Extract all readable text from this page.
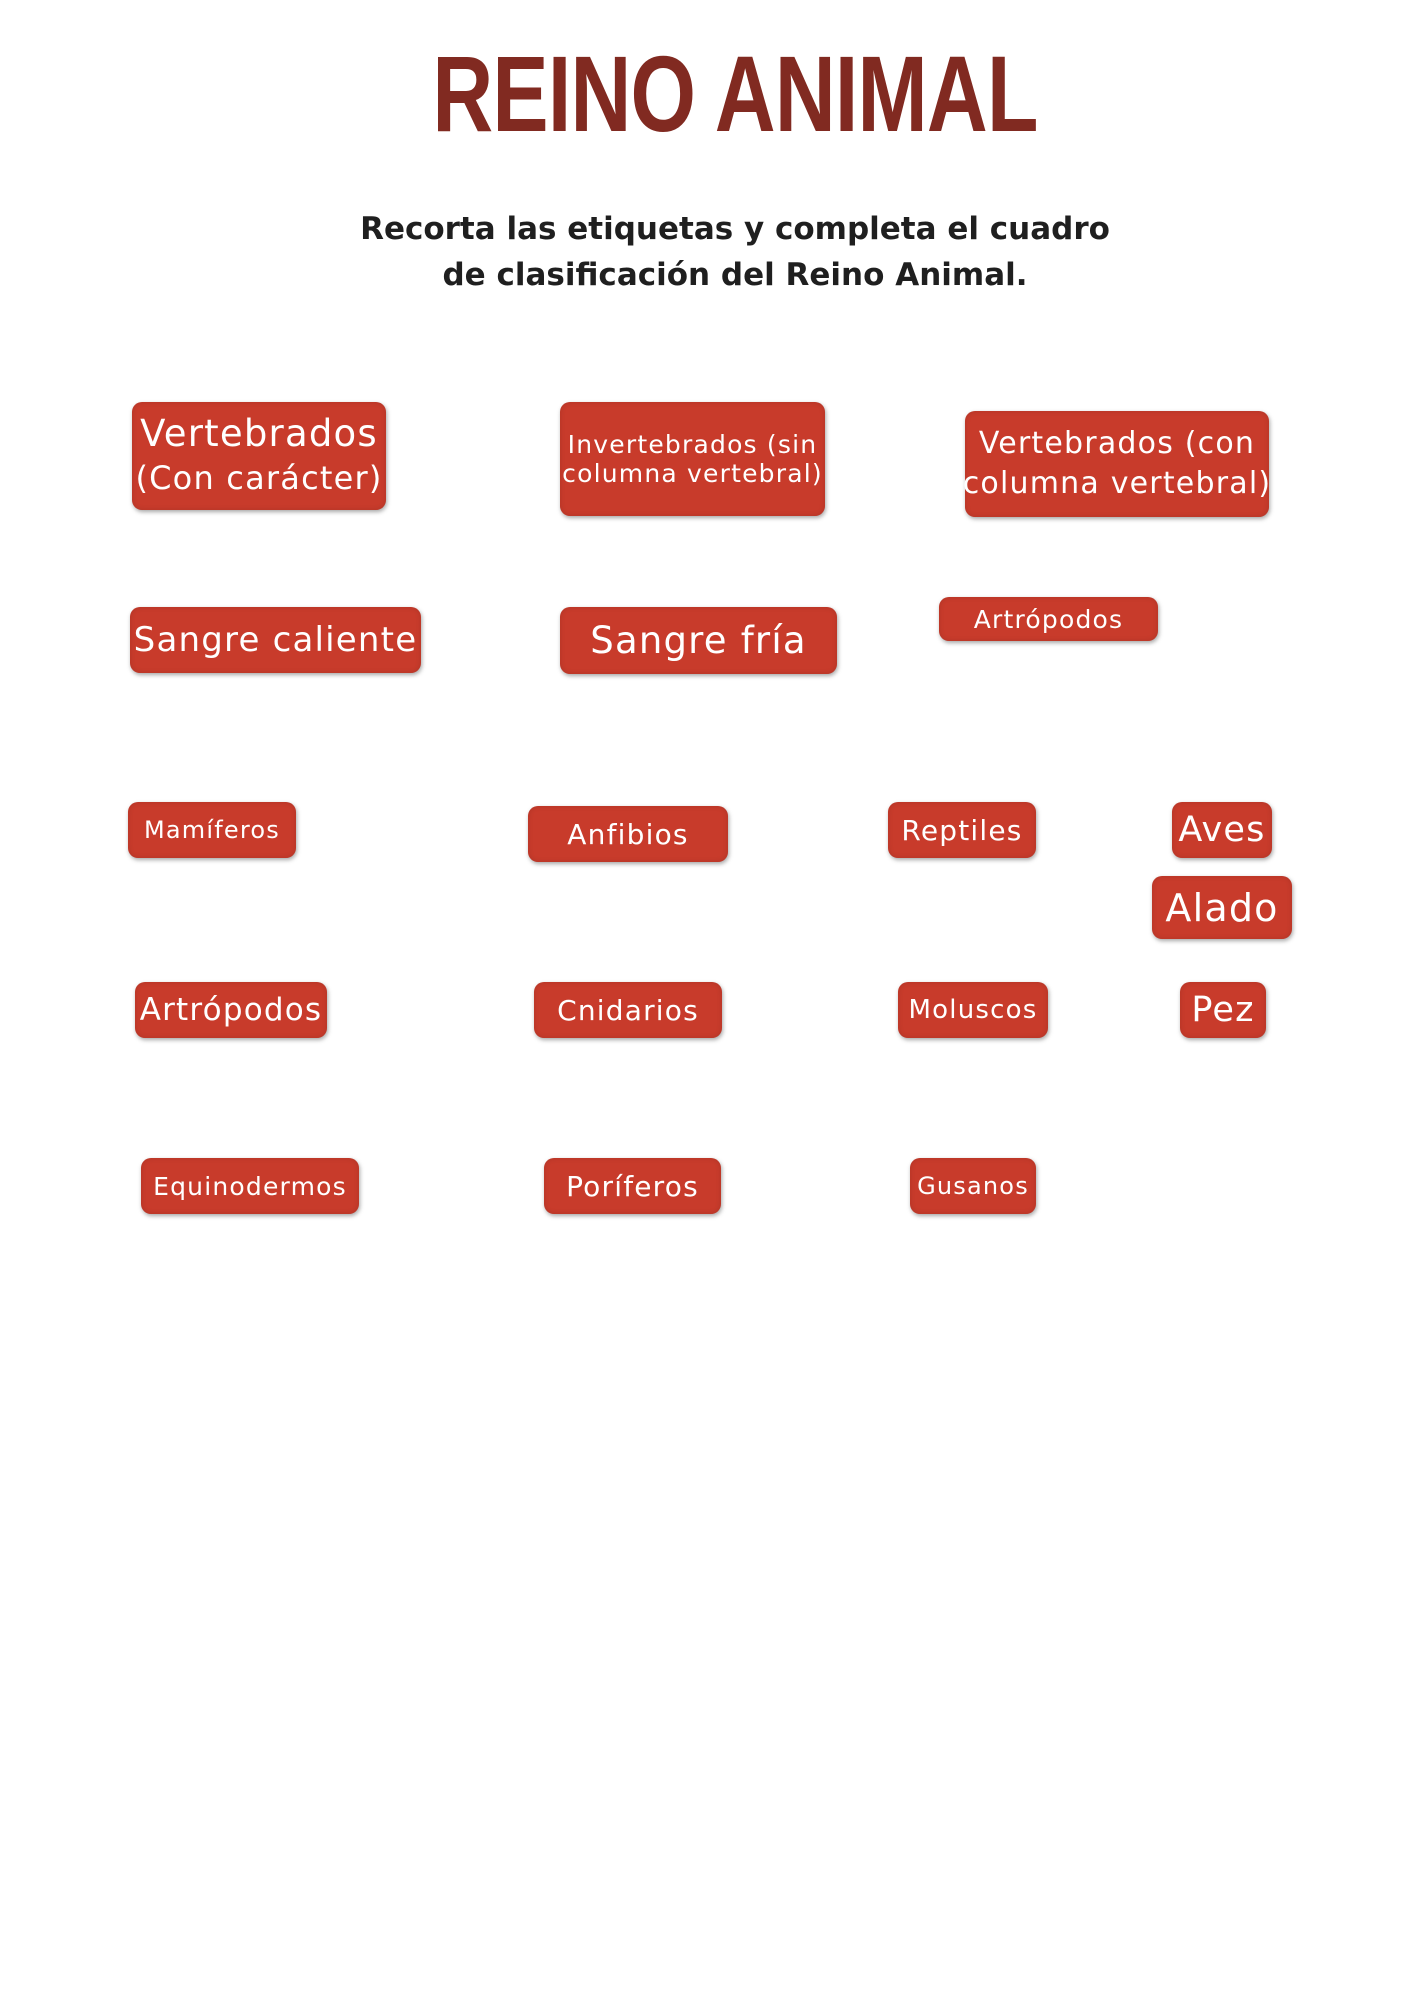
REINO ANIMAL
Recorta las etiquetas y completa el cuadro
de clasificación del Reino Animal.
Vertebrados
(Con carácter)
Invertebrados (sin
columna vertebral)
Vertebrados (con
columna vertebral)
Sangre caliente	Sangre fría	Artrópodos
Mamíferos	Anfibios	Reptiles	Aves
Alado
Artrópodos	Cnidarios	Moluscos	Pez
Equinodermos	Poríferos	Gusanos
